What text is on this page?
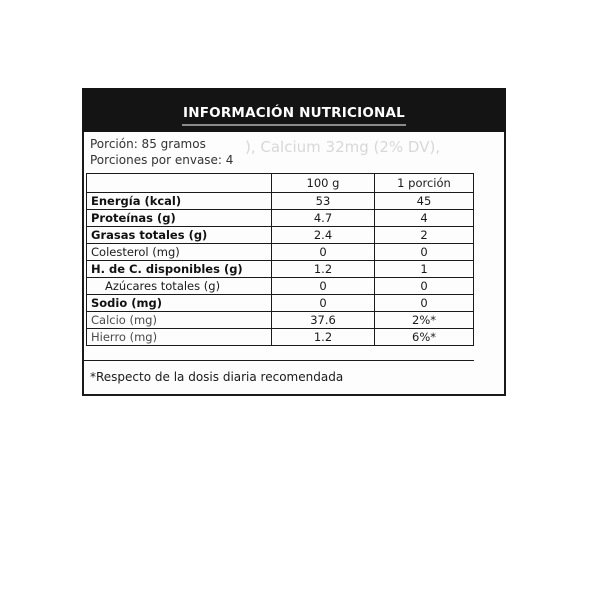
INFORMACIÓN NUTRICIONAL
), Calcium 32mg (2% DV),
Porción: 85 gramos
Porciones por envase: 4
	100 g	1 porción
Energía (kcal)	53	45
Proteínas (g)	4.7	4
Grasas totales (g)	2.4	2
Colesterol (mg)	0	0
H. de C. disponibles (g)	1.2	1
Azúcares totales (g)	0	0
Sodio (mg)	0	0
Calcio (mg)	37.6	2%*
Hierro (mg)	1.2	6%*
*Respecto de la dosis diaria recomendada
